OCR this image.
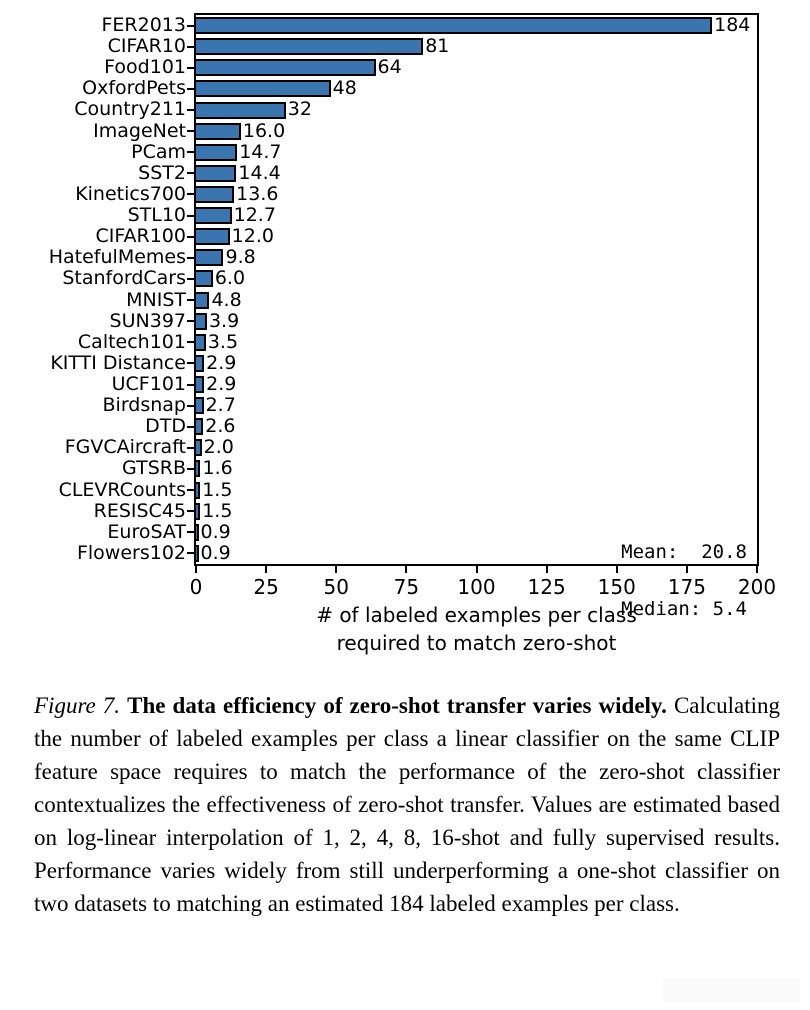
FER2013	184
CIFAR10	81
Food101	64
OxfordPets	48
Country211	32
ImageNet	16.0
PCam	14.7
SST2	14.4
Kinetics700	13.6
STL10	12.7
CIFAR100 12.0
HatefulMemes 9.8
StanfordCars 6.0
MNIST 4.8
SUN397 3.9
Caltech101 3.5
KITTI Distance 2.9
UCF101 2.9
Birdsnap 2.7
DTD 2.6
FGVCAircraft 2.0
GTSRB 1.6
CLEVRCounts 1.5
RESISC45 1.5
EuroSAT 0.9
Flowers102 0.9
0	25	50	75	100	125	150	175	200
# of labeled examples per class
required to match zero-shot

Mean:  20.8

Median: 5.4

Figure 7. The data efficiency of zero-shot transfer varies widely. Calculating the number of labeled examples per class a linear classifier on the same CLIP feature space requires to match the performance of the zero-shot classifier contextualizes the effectiveness of zero-shot transfer. Values are estimated based on log-linear interpolation of 1, 2, 4, 8, 16-shot and fully supervised results. Performance varies widely from still underperforming a one-shot classifier on two datasets to matching an estimated 184 labeled examples per class.
